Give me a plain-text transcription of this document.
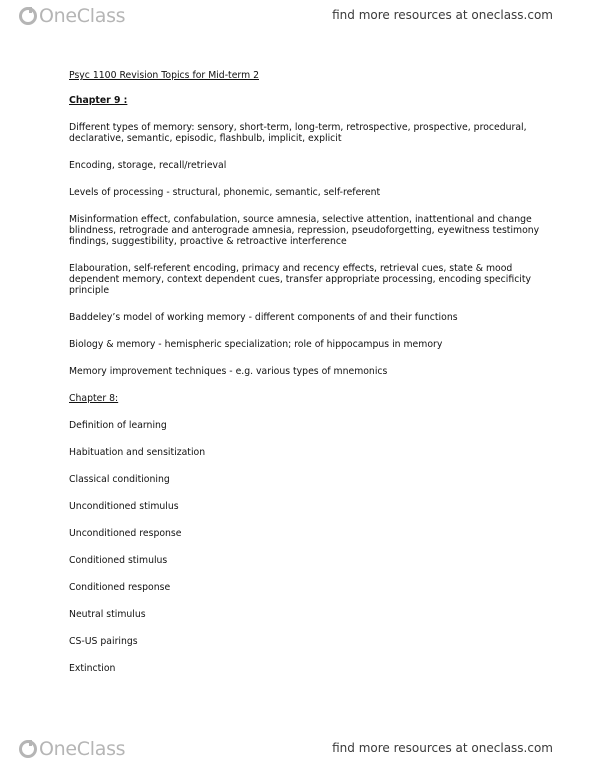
OneClass	find more resources at oneclass.com
Psyc 1100 Revision Topics for Mid-term 2
Chapter 9 :
Different types of memory: sensory, short-term, long-term, retrospective, prospective, procedural, declarative, semantic, episodic, flashbulb, implicit, explicit
Encoding, storage, recall/retrieval
Levels of processing - structural, phonemic, semantic, self-referent
Misinformation effect, confabulation, source amnesia, selective attention, inattentional and change blindness, retrograde and anterograde amnesia, repression, pseudoforgetting, eyewitness testimony findings, suggestibility, proactive & retroactive interference
Elabouration, self-referent encoding, primacy and recency effects, retrieval cues, state & mood dependent memory, context dependent cues, transfer appropriate processing, encoding specificity principle
Baddeley’s model of working memory - different components of and their functions
Biology & memory - hemispheric specialization; role of hippocampus in memory
Memory improvement techniques - e.g. various types of mnemonics
Chapter 8:
Definition of learning
Habituation and sensitization
Classical conditioning
Unconditioned stimulus
Unconditioned response
Conditioned stimulus
Conditioned response
Neutral stimulus
CS-US pairings
Extinction
OneClass	find more resources at oneclass.com
